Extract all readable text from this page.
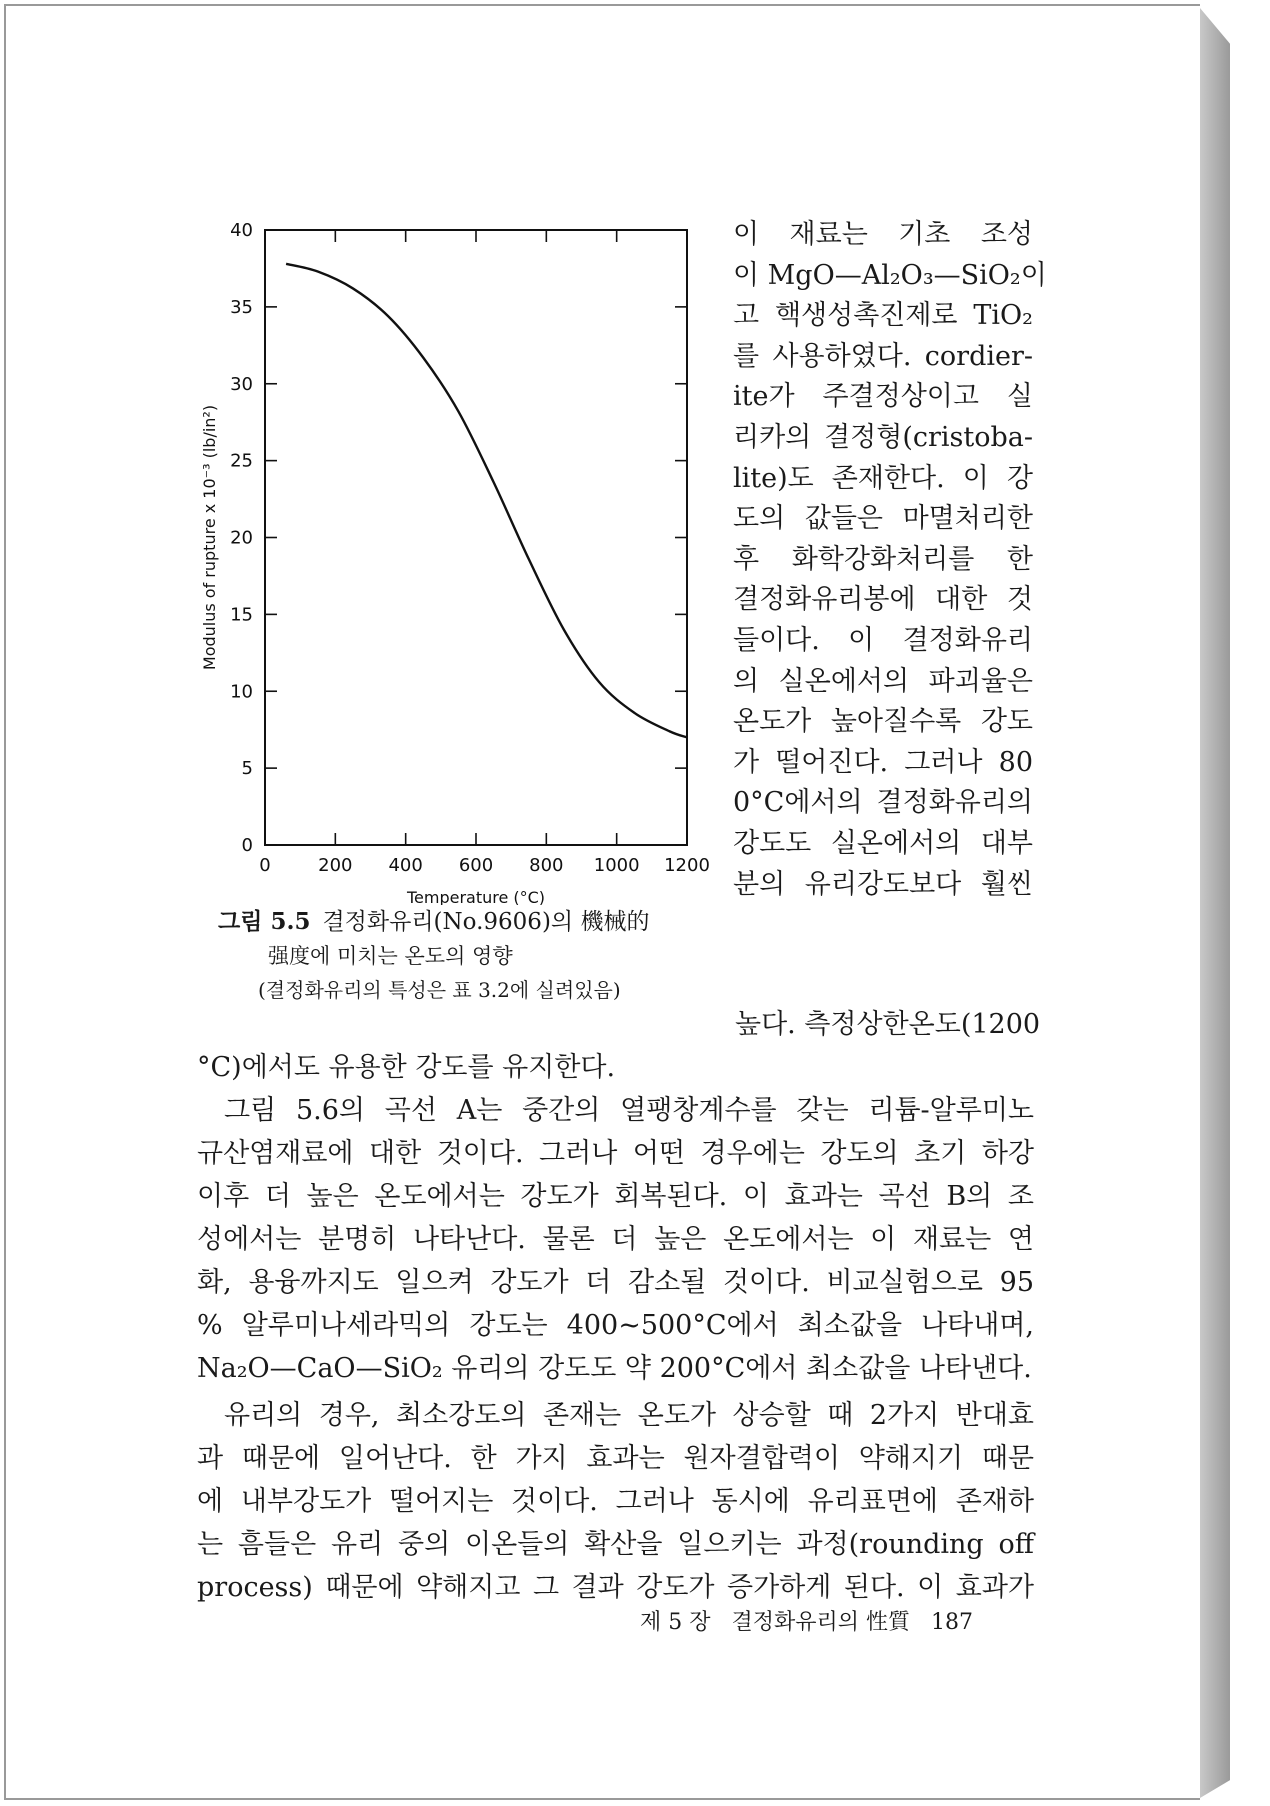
0	200 400 600 800 1000 1200
0
5
10
15
20
25
30
35
40
Temperature (°C)
Modulus of rupture x 10⁻³ (lb/in²)
이 재료는 기초 조성
이 MgO—Al₂O₃—SiO₂이
고 핵생성촉진제로 TiO₂
를 사용하였다. cordier-
ite가 주결정상이고 실
리카의 결정형(cristoba-
lite)도 존재한다. 이 강
도의 값들은 마멸처리한
후 화학강화처리를 한
결정화유리봉에 대한 것
들이다. 이 결정화유리
의 실온에서의 파괴율은
온도가 높아질수록 강도
가 떨어진다. 그러나 80
0°C에서의 결정화유리의
강도도 실온에서의 대부
분의 유리강도보다 훨씬
그림 5.5 결정화유리(No.9606)의 機械的
强度에 미치는 온도의 영향
(결정화유리의 특성은 표 3.2에 실려있음)
높다. 측정상한온도(1200
°C)에서도 유용한 강도를 유지한다.
그림 5.6의 곡선 A는 중간의 열팽창계수를 갖는 리튬-알루미노
규산염재료에 대한 것이다. 그러나 어떤 경우에는 강도의 초기 하강
이후 더 높은 온도에서는 강도가 회복된다. 이 효과는 곡선 B의 조
성에서는 분명히 나타난다. 물론 더 높은 온도에서는 이 재료는 연
화, 용융까지도 일으켜 강도가 더 감소될 것이다. 비교실험으로 95
% 알루미나세라믹의 강도는 400~500°C에서 최소값을 나타내며,
Na₂O—CaO—SiO₂ 유리의 강도도 약 200°C에서 최소값을 나타낸다.
유리의 경우, 최소강도의 존재는 온도가 상승할 때 2가지 반대효
과 때문에 일어난다. 한 가지 효과는 원자결합력이 약해지기 때문
에 내부강도가 떨어지는 것이다. 그러나 동시에 유리표면에 존재하
는 흠들은 유리 중의 이온들의 확산을 일으키는 과정(rounding off
process) 때문에 약해지고 그 결과 강도가 증가하게 된다. 이 효과가
제 5 장 결정화유리의 性質 187
